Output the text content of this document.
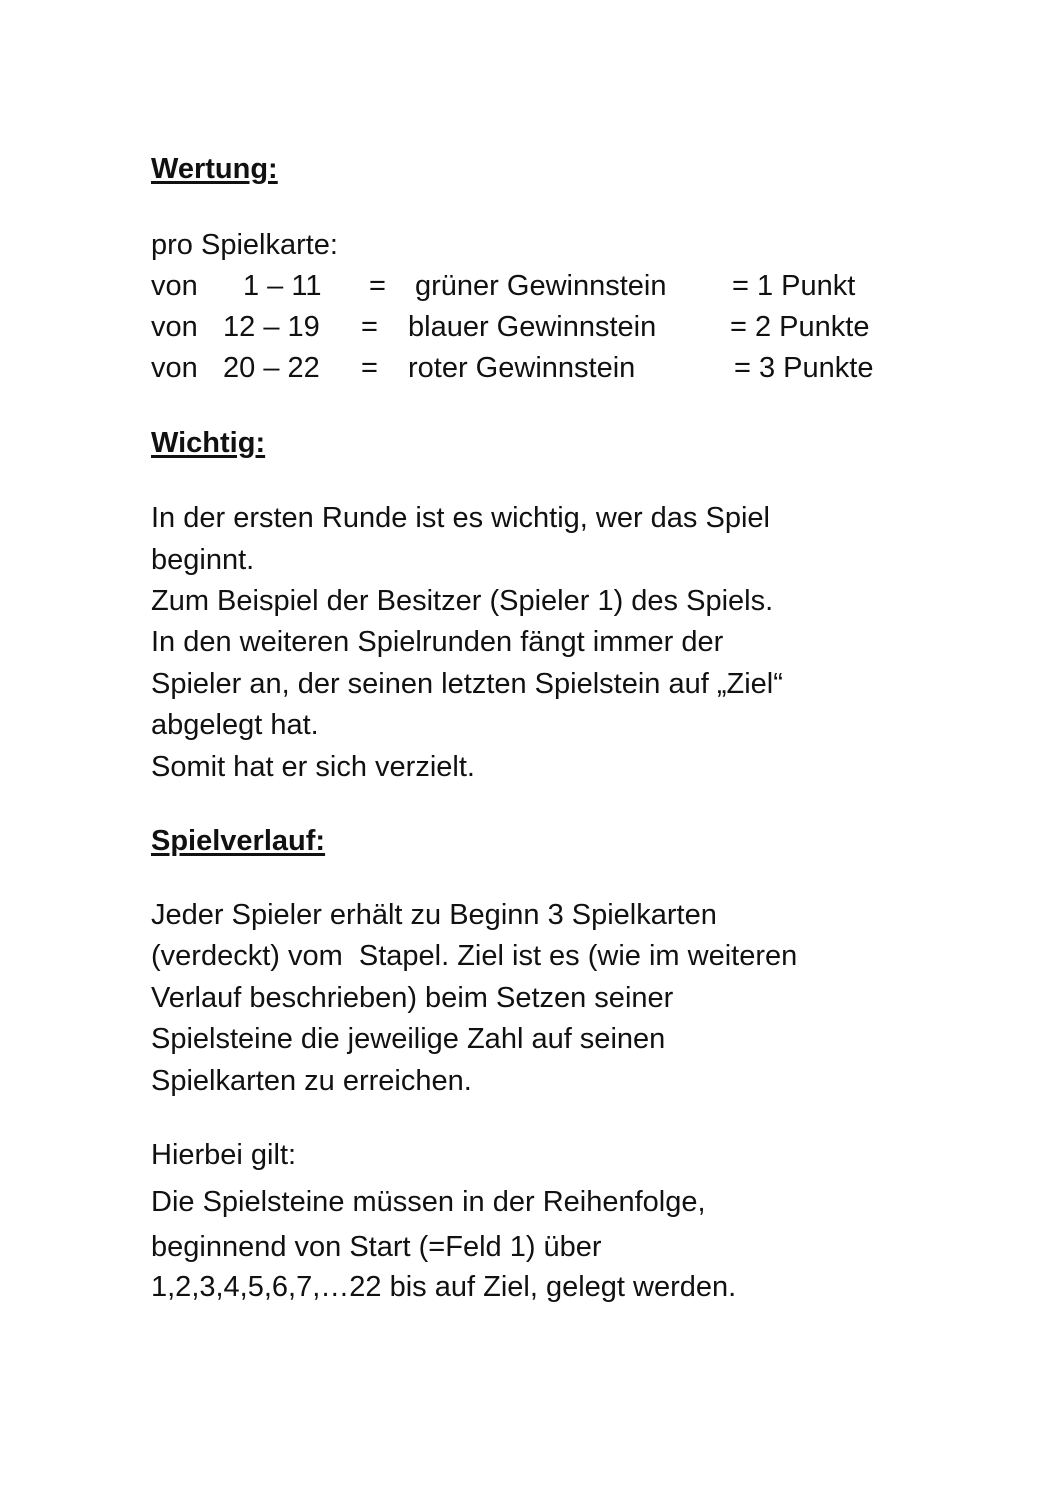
Wertung:
pro Spielkarte:

von

1 – 11

=

grüner Gewinnstein

= 1 Punkt

von

12 – 19

=

blauer Gewinnstein

	= 2 Punkte

von

20 – 22

=

roter Gewinnstein

	= 3 Punkte

Wichtig:
In der ersten Runde ist es wichtig, wer das Spiel
beginnt.
Zum Beispiel der Besitzer (Spieler 1) des Spiels.
In den weiteren Spielrunden fängt immer der
Spieler an, der seinen letzten Spielstein auf „Ziel“
abgelegt hat.
Somit hat er sich verzielt.
Spielverlauf:
Jeder Spieler erhält zu Beginn 3 Spielkarten
(verdeckt) vom  Stapel. Ziel ist es (wie im weiteren
Verlauf beschrieben) beim Setzen seiner
Spielsteine die jeweilige Zahl auf seinen
Spielkarten zu erreichen.
Hierbei gilt:
Die Spielsteine müssen in der Reihenfolge,
beginnend von Start (=Feld 1) über
1,2,3,4,5,6,7,…22 bis auf Ziel, gelegt werden.
